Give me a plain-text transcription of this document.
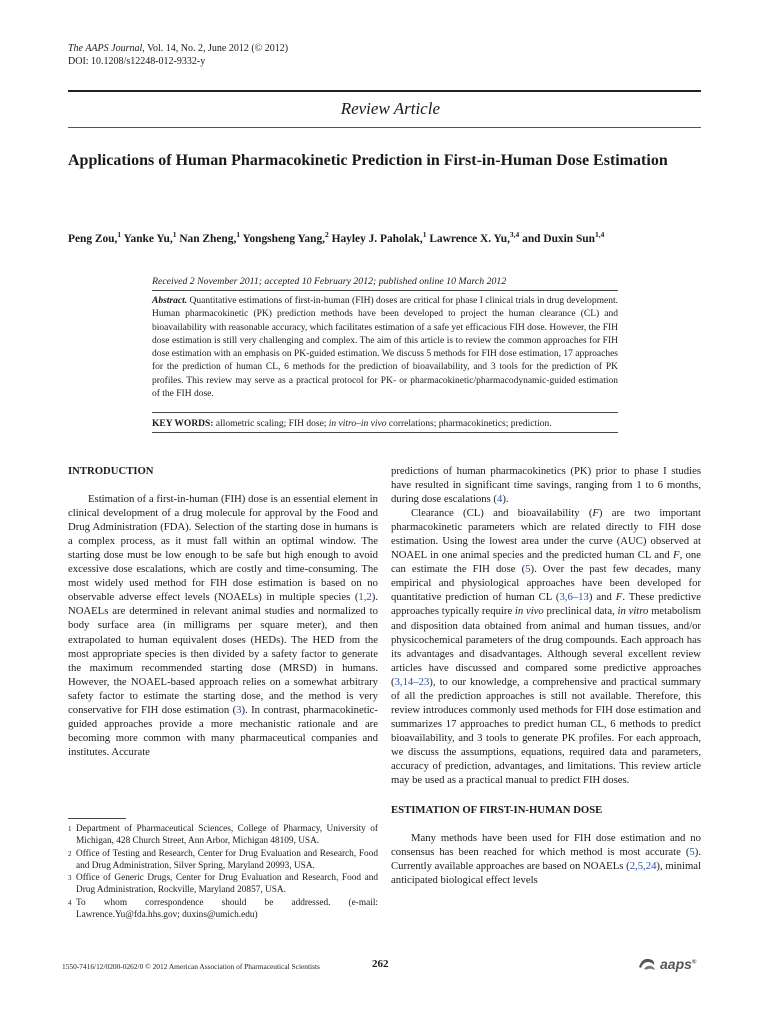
The AAPS Journal, Vol. 14, No. 2, June 2012 (© 2012)
DOI: 10.1208/s12248-012-9332-y
Review Article
Applications of Human Pharmacokinetic Prediction in First-in-Human Dose Estimation
Peng Zou,$^1$ Yanke Yu,$^1$ Nan Zheng,$^1$ Yongsheng Yang,$^2$ Hayley J. Paholak,$^1$ Lawrence X. Yu,$^{3,4}$ and Duxin Sun$^{1,4}$
Received 2 November 2011; accepted 10 February 2012; published online 10 March 2012
Abstract. Quantitative estimations of first-in-human (FIH) doses are critical for phase I clinical trials in drug development. Human pharmacokinetic (PK) prediction methods have been developed to project the human clearance (CL) and bioavailability with reasonable accuracy, which facilitates estimation of a safe yet efficacious FIH dose. However, the FIH dose estimation is still very challenging and complex. The aim of this article is to review the common approaches for FIH dose estimation with an emphasis on PK-guided estimation. We discuss 5 methods for FIH dose estimation, 17 approaches for the prediction of human CL, 6 methods for the prediction of bioavailability, and 3 tools for the prediction of PK profiles. This review may serve as a practical protocol for PK- or pharmacokinetic/pharmacodynamic-guided estimation of the FIH dose.
KEY WORDS: allometric scaling; FIH dose; in vitro–in vivo correlations; pharmacokinetics; prediction.
INTRODUCTION

Estimation of a first-in-human (FIH) dose is an essential element in clinical development of a drug molecule for approval by the Food and Drug Administration (FDA). Selection of the starting dose in humans is a complex process, as it must fall within an optimal window. The starting dose must be low enough to be safe but high enough to avoid excessive dose escalations, which are costly and time-consuming. The most widely used method for FIH dose estimation is based on no observable adverse effect levels (NOAELs) in multiple species (1,2). NOAELs are determined in relevant animal studies and normalized to body surface area (in milligrams per square meter), and then extrapolated to human equivalent doses (HEDs). The HED from the most appropriate species is then divided by a safety factor to generate the maximum recommended starting dose (MRSD) in humans. However, the NOAEL-based approach relies on a somewhat arbitrary safety factor to estimate the starting dose, and the method is very conservative for FIH dose estimation (3). In contrast, pharmacokinetic-guided approaches provide a more mechanistic rationale and are becoming more common with many pharmaceutical companies and institutes. Accurate

predictions of human pharmacokinetics (PK) prior to phase I studies have resulted in significant time savings, ranging from 1 to 6 months, during dose escalations (4).

Clearance (CL) and bioavailability (F) are two important pharmacokinetic parameters which are related directly to FIH dose estimation. Using the lowest area under the curve (AUC) observed at NOAEL in one animal species and the predicted human CL and F, one can estimate the FIH dose (5). Over the past few decades, many empirical and physiological approaches have been developed for quantitative prediction of human CL (3,6–13) and F. These predictive approaches typically require in vivo preclinical data, in vitro metabolism and disposition data obtained from animal and human tissues, and/or physicochemical parameters of the drug compounds. Each approach has its advantages and disadvantages. Although several excellent review articles have discussed and compared some predictive approaches (3,14–23), to our knowledge, a comprehensive and practical summary of all the prediction approaches is still not available. Therefore, this review introduces commonly used methods for FIH dose estimation and summarizes 17 approaches to predict human CL, 6 methods to predict bioavailability, and 3 tools to generate PK profiles. For each approach, we discuss the assumptions, equations, required data and parameters, accuracy of prediction, advantages, and limitations. This review article may be used as a practical manual to predict FIH doses.

ESTIMATION OF FIRST-IN-HUMAN DOSE

Many methods have been used for FIH dose estimation and no consensus has been reached for which method is most accurate (5). Currently available approaches are based on NOAELs (2,5,24), minimal anticipated biological effect levels

1 Department of Pharmaceutical Sciences, College of Pharmacy, University of Michigan, 428 Church Street, Ann Arbor, Michigan 48109, USA.
2 Office of Testing and Research, Center for Drug Evaluation and Research, Food and Drug Administration, Silver Spring, Maryland 20993, USA.
3 Office of Generic Drugs, Center for Drug Evaluation and Research, Food and Drug Administration, Rockville, Maryland 20857, USA.
4 To whom correspondence should be addressed. (e-mail: Lawrence.Yu@fda.hhs.gov; duxins@umich.edu)
1550-7416/12/0200-0262/0 © 2012 American Association of Pharmaceutical Scientists	262	aaps®
